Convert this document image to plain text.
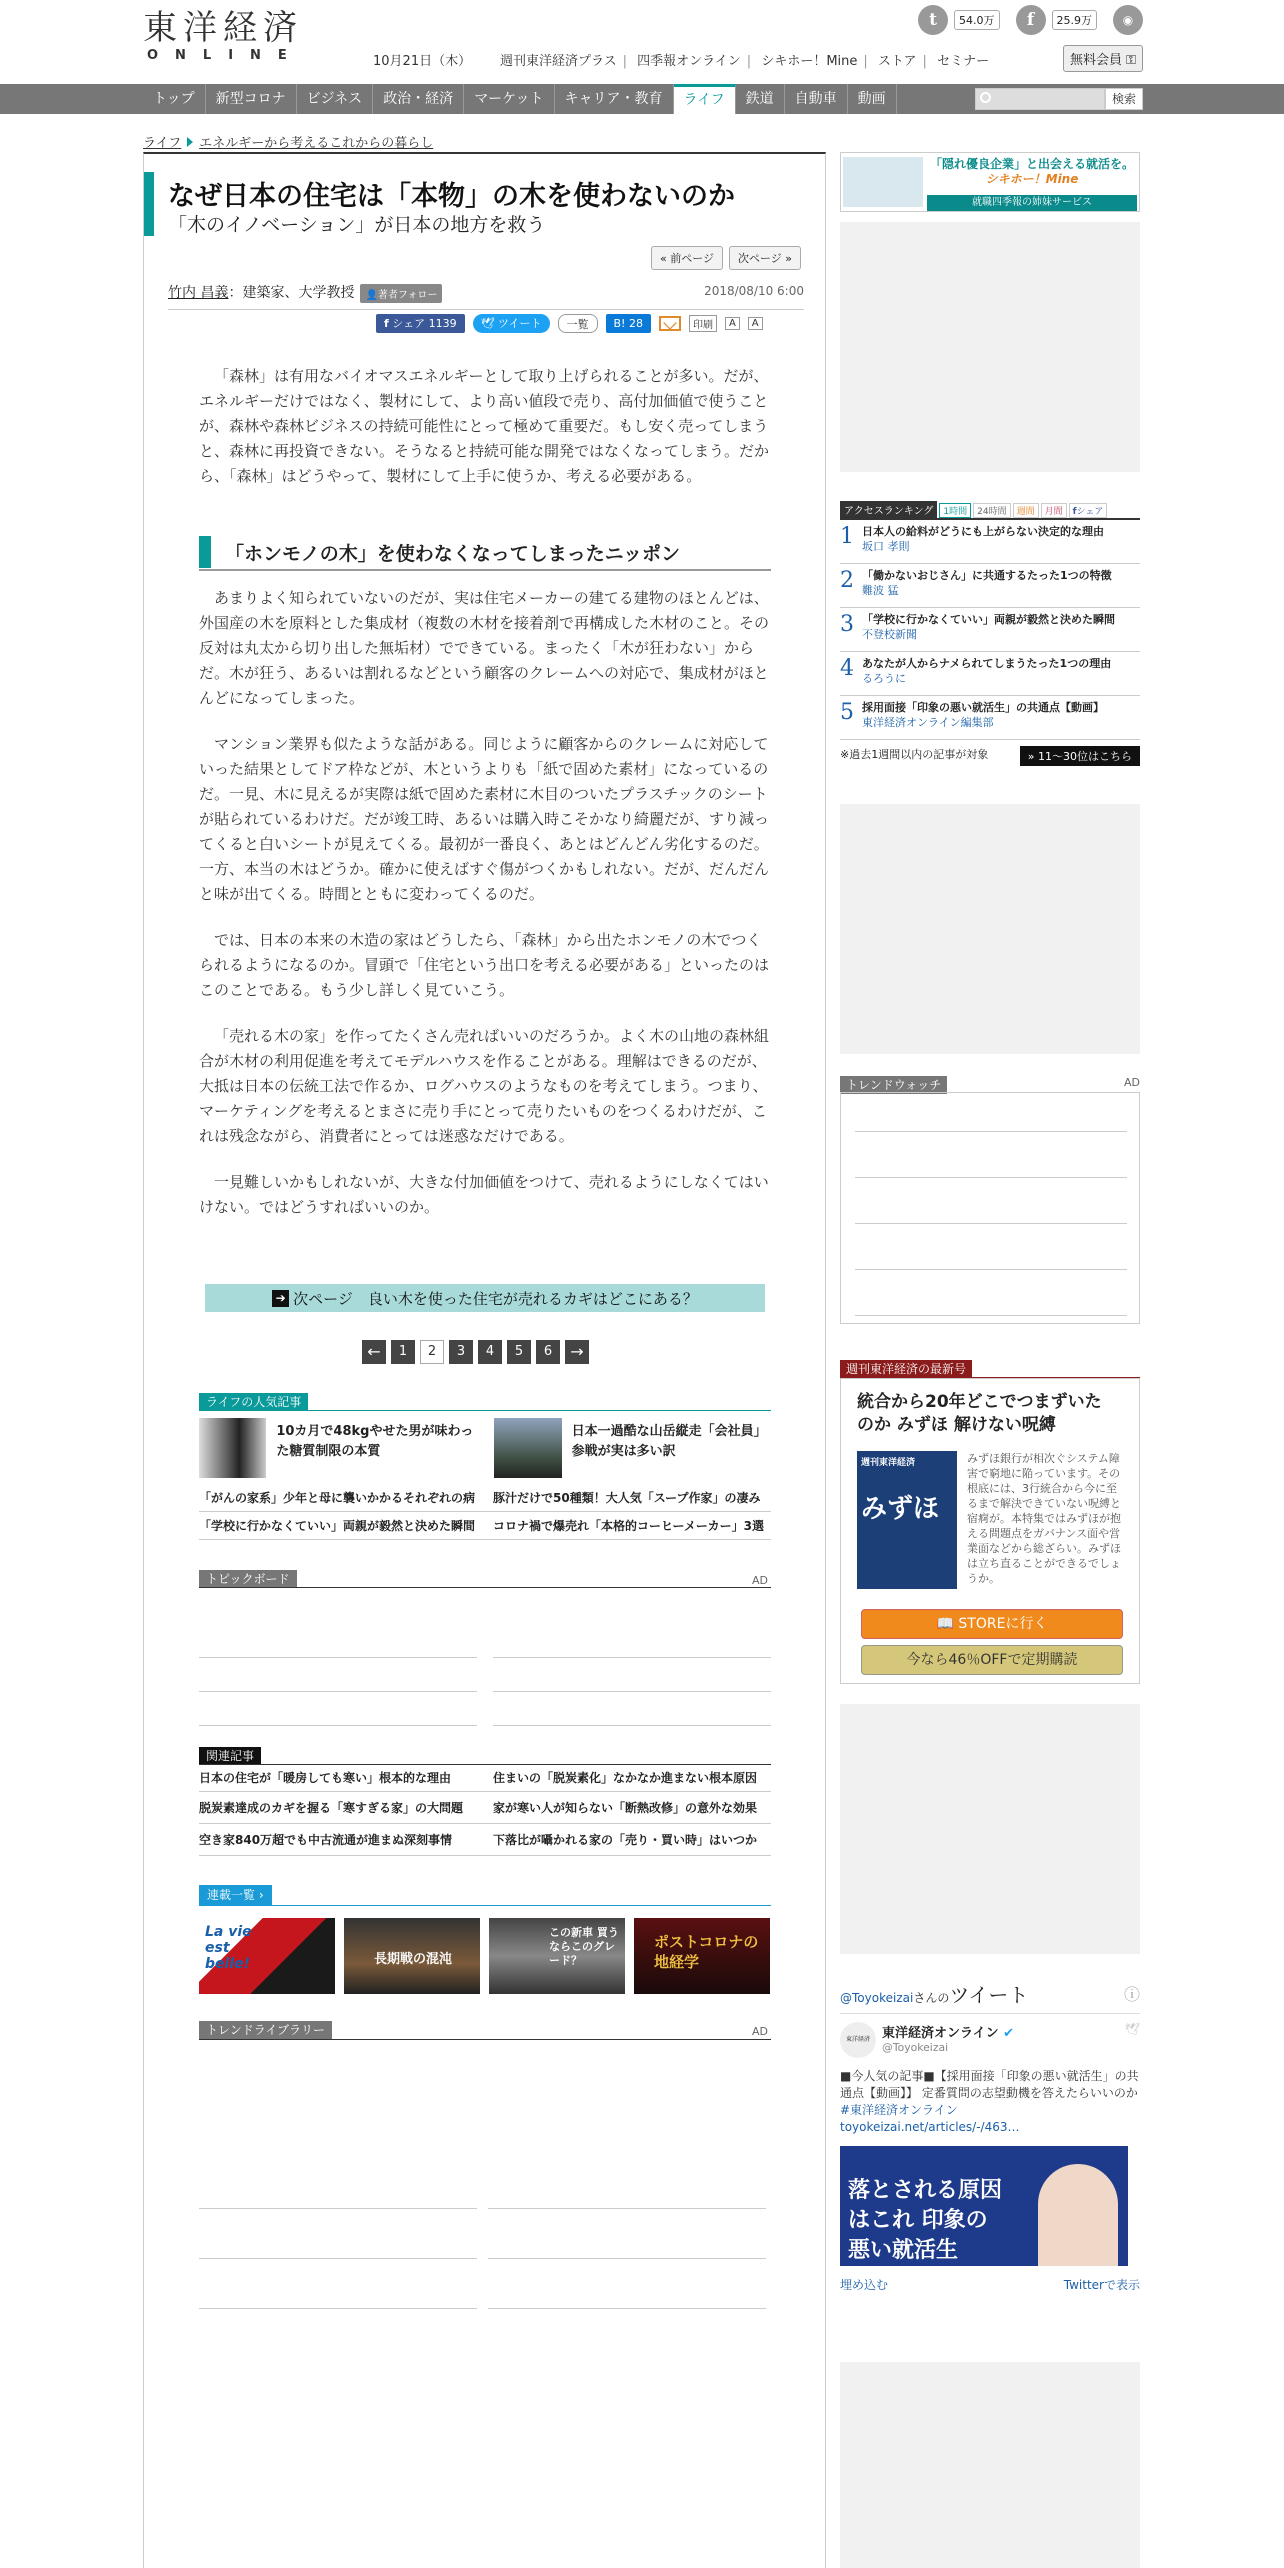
東洋経済
ONLINE	10月21日（木） 週刊東洋経済プラス | 四季報オンライン | シキホー！Mine | ストア | セミナー
t	54.0万	f	25.9万	◉
無料会員 ⚿
トップ	新型コロナ	ビジネス	政治・経済	マーケット	キャリア・教育	ライフ	鉄道	自動車	動画	検索
ライフ エネルギーから考えるこれからの暮らし
なぜ日本の住宅は「本物」の木を使わないのか
「木のイノベーション」が日本の地方を救う
« 前ページ	次ページ »
竹内 昌義：建築家、大学教授 👤著者フォロー	2018/08/10 6:00
f シェア 1139	🕊 ツイート	一覧	B! 28	印刷	A	A

「森林」は有用なバイオマスエネルギーとして取り上げられることが多い。だが、エネルギーだけではなく、製材にして、より高い値段で売り、高付加価値で使うことが、森林や森林ビジネスの持続可能性にとって極めて重要だ。もし安く売ってしまうと、森林に再投資できない。そうなると持続可能な開発ではなくなってしまう。だから、「森林」はどうやって、製材にして上手に使うか、考える必要がある。

「ホンモノの木」を使わなくなってしまったニッポン

あまりよく知られていないのだが、実は住宅メーカーの建てる建物のほとんどは、外国産の木を原料とした集成材（複数の木材を接着剤で再構成した木材のこと。その反対は丸太から切り出した無垢材）でできている。まったく「木が狂わない」からだ。木が狂う、あるいは割れるなどという顧客のクレームへの対応で、集成材がほとんどになってしまった。

マンション業界も似たような話がある。同じように顧客からのクレームに対応していった結果としてドア枠などが、木というよりも「紙で固めた素材」になっているのだ。一見、木に見えるが実際は紙で固めた素材に木目のついたプラスチックのシートが貼られているわけだ。だが竣工時、あるいは購入時こそかなり綺麗だが、すり減ってくると白いシートが見えてくる。最初が一番良く、あとはどんどん劣化するのだ。一方、本当の木はどうか。確かに使えばすぐ傷がつくかもしれない。だが、だんだんと味が出てくる。時間とともに変わってくるのだ。

では、日本の本来の木造の家はどうしたら、「森林」から出たホンモノの木でつくられるようになるのか。冒頭で「住宅という出口を考える必要がある」といったのはこのことである。もう少し詳しく見ていこう。

「売れる木の家」を作ってたくさん売ればいいのだろうか。よく木の山地の森林組合が木材の利用促進を考えてモデルハウスを作ることがある。理解はできるのだが、大抵は日本の伝統工法で作るか、ログハウスのようなものを考えてしまう。つまり、マーケティングを考えるとまさに売り手にとって売りたいものをつくるわけだが、これは残念ながら、消費者にとっては迷惑なだけである。

一見難しいかもしれないが、大きな付加価値をつけて、売れるようにしなくてはいけない。ではどうすればいいのか。

➔ 次ページ　良い木を使った住宅が売れるカギはどこにある？
←	1	2	3	4	5	6	→
ライフの人気記事
10カ月で48kgやせた男が味わった糖質制限の本質
日本一過酷な山岳縦走「会社員」参戦が実は多い訳
「がんの家系」少年と母に襲いかかるそれぞれの病	豚汁だけで50種類！大人気「スープ作家」の凄み
「学校に行かなくていい」両親が毅然と決めた瞬間	コロナ禍で爆売れ「本格的コーヒーメーカー」3選
トピックボード	AD
関連記事
日本の住宅が「暖房しても寒い」根本的な理由	住まいの「脱炭素化」なかなか進まない根本原因
脱炭素達成のカギを握る「寒すぎる家」の大問題	家が寒い人が知らない「断熱改修」の意外な効果
空き家840万超でも中古流通が進まぬ深刻事情	下落比が囁かれる家の「売り・買い時」はいつか
連載一覧 ›
La vie est belle!	長期戦の混沌
この新車 買うならこのグレード？
ポストコロナの地経学
トレンドライブラリー	AD
「隠れ優良企業」と出会える就活を。
シキホー！Mine
就職四季報の姉妹サービス
アクセスランキング	1時間	24時間	週間	月間	fシェア
1 日本人の給料がどうにも上がらない決定的な理由
坂口 孝則
2 「働かないおじさん」に共通するたった1つの特徴
難波 猛
3 「学校に行かなくていい」両親が毅然と決めた瞬間
不登校新聞
4 あなたが人からナメられてしまうたった1つの理由
るろうに
5 採用面接「印象の悪い就活生」の共通点【動画】
東洋経済オンライン編集部
※過去1週間以内の記事が対象	» 11～30位はこちら
トレンドウォッチ	AD
週刊東洋経済の最新号
統合から20年どこでつまずいたのか みずほ 解けない呪縛
週刊東洋経済
みずほ
みずほ銀行が相次ぐシステム障害で窮地に陥っています。その根底には、3行統合から今に至るまで解決できていない呪縛と宿痾が。本特集ではみずほが抱える問題点をガバナンス面や営業面などから総ざらい。みずほは立ち直ることができるでしょうか。
📖 STOREに行く
今なら46％OFFで定期購読
@Toyokeizaiさんのツイート	ⓘ
東洋経済 東洋経済オンライン ✔
@Toyokeizai
🕊
■今人気の記事■【採用面接「印象の悪い就活生」の共通点【動画】】 定番質問の志望動機を答えたらいいのか#東洋経済オンライン
toyokeizai.net/articles/-/463…
落とされる原因はこれ 印象の悪い就活生
埋め込む	Twitterで表示
